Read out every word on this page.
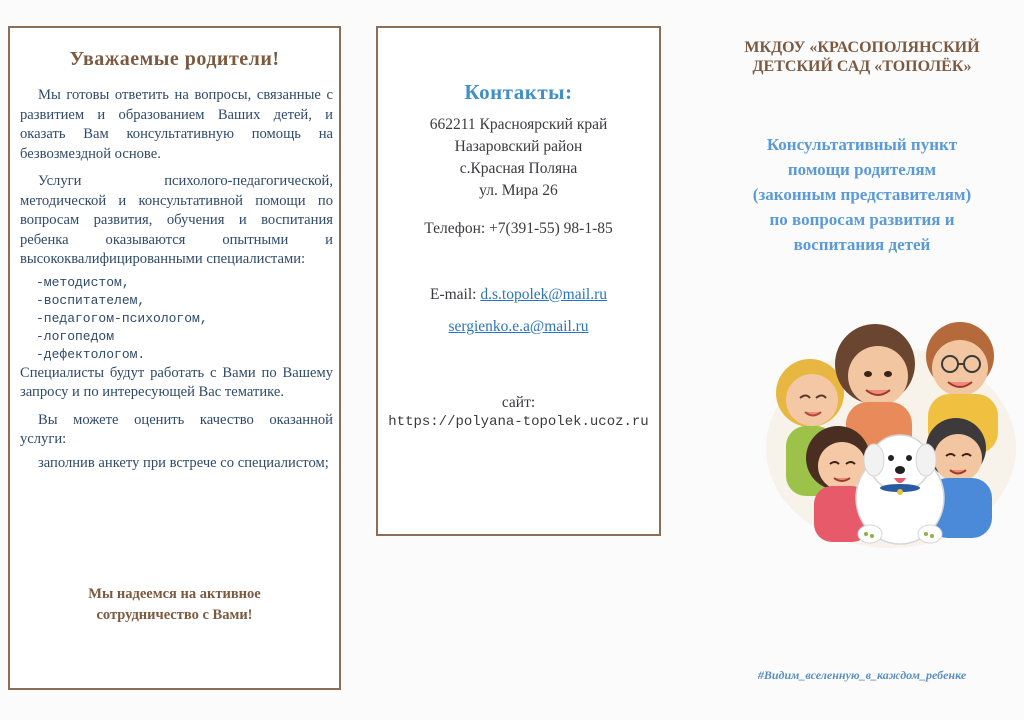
Уважаемые родители!

Мы готовы ответить на вопросы, связанные с развитием и образованием Ваших детей, и оказать Вам консультативную помощь на безвозмездной основе.

Услуги психолого-педагогической, методической и консультативной помощи по вопросам развития, обучения и воспитания ребенка оказываются опытными и высококвалифицированными специалистами:

-методистом,
-воспитателем,
-педагогом-психологом,
-логопедом
-дефектологом.

Специалисты будут работать с Вами по Вашему запросу и по интересующей Вас тематике.

Вы можете оценить качество оказанной услуги:

заполнив анкету при встрече со специалистом;

Мы надеемся на активное
сотрудничество с Вами!
Контакты:
662211 Красноярский край
Назаровский район
с.Красная Поляна
ул. Мира 26
Телефон: +7(391-55) 98-1-85
E-mail: d.s.topolek@mail.ru
sergienko.e.a@mail.ru
сайт:
https://polyana-topolek.ucoz.ru
МКДОУ «КРАСОПОЛЯНСКИЙ
ДЕТСКИЙ САД «ТОПОЛЁК»
Консультативный пункт
помощи родителям
(законным представителям)
по вопросам развития и
воспитания детей
#Видим_вселенную_в_каждом_ребенке
